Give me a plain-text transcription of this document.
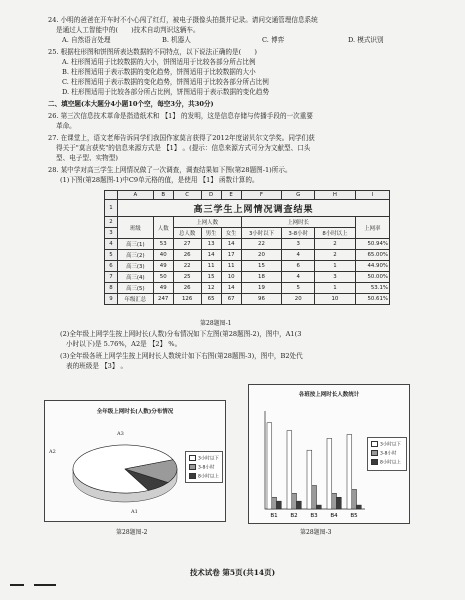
24. 小明的爸爸在开车时不小心闯了红灯，被电子摄像头拍摄并记录。请问交通管理信息系统
是通过人工智能中的(　　)技术自动判识这辆车。
A. 自然语言处理	B. 机器人	C. 博弈	D. 模式识别
25. 根据柱形图和饼图所表达数据的不同特点，以下说法正确的是(　　)
A. 柱形图适用于比较数据的大小，饼图适用于比较各部分所占比例
B. 柱形图适用于表示数据的变化趋势，饼图适用于比较数据的大小
C. 柱形图适用于表示数据的变化趋势，饼图适用于比较各部分所占比例
D. 柱形图适用于比较各部分所占比例，饼图适用于表示数据的变化趋势
二、填空题(本大题分4小题10个空，每空3分，共30分)
26. 第三次信息技术革命是指造纸术和 【1】 的发明，这是信息存储与传播手段的一次重要
革命。
27. 在课堂上，语文老师告诉同学们我国作家莫言获得了2012年度诺贝尔文学奖。同学们获
得关于"莫言获奖"的信息来源方式是 【1】 。(提示：信息来源方式可分为文献型、口头
型、电子型、实物型)
28. 某中学对高三学生上网情况做了一次调查，调查结果如下图(第28题图-1)所示。
(1)下图(第28题图-1)中C9单元格的值，是使用 【1】 函数计算的。
	A	B	C	D	E	F	G	H	I
1	高三学生上网情况调查结果								
2	班级	人数	上网人数			上网时长			上网率
3			总人数	男生	女生	3小时以下	3-8小时	8小时以上	
4	高三(1)	53	27	13	14	22	3	2	50.94%
5	高三(2)	40	26	14	17	20	4	2	65.00%
6	高三(3)	49	22	11	11	15	6	1	44.90%
7	高三(4)	50	25	15	10	18	4	3	50.00%
8	高三(5)	49	26	12	14	19	5	1	53.1%
9	年级汇总	247	126	65	67	96	20	10	50.61%
第28题图-1
(2)全年级上网学生按上网时长(人数)分布情况如下左图(第28题图-2)，图中，A1(3
小时以下)是 5.76%，A2是 【2】 %。
(3)全年级各班上网学生按上网时长人数统计如下右图(第28题图-3)，图中，B2处代
表的班级是 【3】 。
全年级上网时长(人数)分布情况
A2
A3
A1
3小时以下
3-8小时
8小时以上
第28题图-2
各班按上网时长人数统计
B1 B2 B3 B4 B5
3小时以下
3-8小时
8小时以上
第28题图-3
技术试卷 第5页(共14页)
